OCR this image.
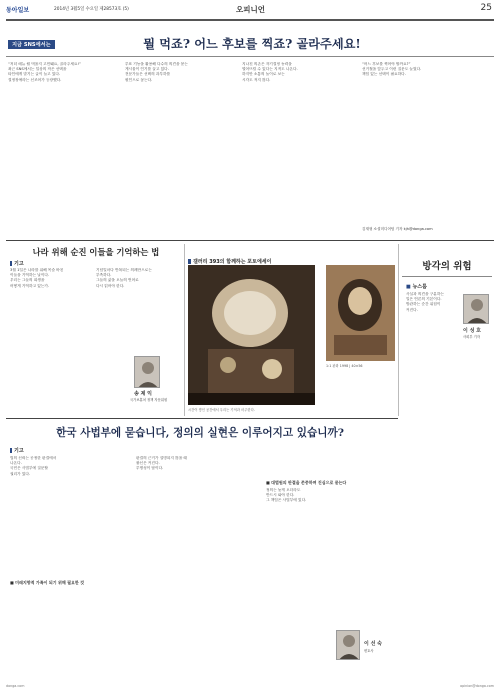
동아일보	2014년 3월5일 수요일 제28573호 (5)	오피니언	25
지금 SNS에서는	뭘 먹죠? 어느 후보를 찍죠? 골라주세요!
“저녁 메뉴 뭘 먹을지 고민돼요, 골라주세요!”
최근 SNS에서는 일상의 작은 선택을
타인에게 맡기는 글이 늘고 있다.
결정장애라는 신조어가 등장했다.
투표 기능을 활용해 다수의 의견을 묻는
게시물이 인기를 끌고 있다.
전문가들은 선택의 과부하를
원인으로 꼽는다.
지나친 의존은 자기결정 능력을
떨어뜨릴 수 있다는 지적도 나온다.
하지만 소통의 놀이로 보는
시각도 적지 않다.
“어느 후보를 찍어야 할까요?”
선거철을 앞두고 이런 질문도 늘었다.
책임 있는 선택이 필요하다.
김재형 소셜미디어팀 기자 kjh@donga.com
나라 위해 순진 이들을 기억하는 법
기고
3월 1일은 나라를 위해 목숨 바친
이들을 기억하는 날이다.
우리는 그들의 희생을
어떻게 기억하고 있는가.
기념일마다 반복되는 의례만으로는
부족하다.
그들의 삶을 오늘의 언어로
다시 읽어야 한다.
송 제 익
국가보훈처 정책 자문위원
갤러리 393의 함께하는 포토에세이
시간이 쌓인 공간에서 우리는 기억과 마주한다.
1:1 판화 1998 | 40×56
방각의 위험
■ 뉴스룸
사실과 의견을 구분하는
일은 언론의 기본이다.
방관하는 순간 위험이
커진다.
이 성 호
사회부 기자
한국 사법부에 묻습니다, 정의의 실현은 이루어지고 있습니까?
기고
법의 신뢰는 공정한 판결에서
나온다.
국민은 사법부에 질문할
권리가 있다.
■ 미래지향적 가족이 되기 위해 필요한 것
판결의 근거가 설명되지 않을 때
불신은 커진다.
투명성이 답이다.
■ 대법원의 판결을 존중하며 진심으로 묻는다
정의는 늦게 오더라도
반드시 와야 한다.
그 책임은 사법부에 있다.
이 선 숙
변호사
donga.com	opinion@donga.com
